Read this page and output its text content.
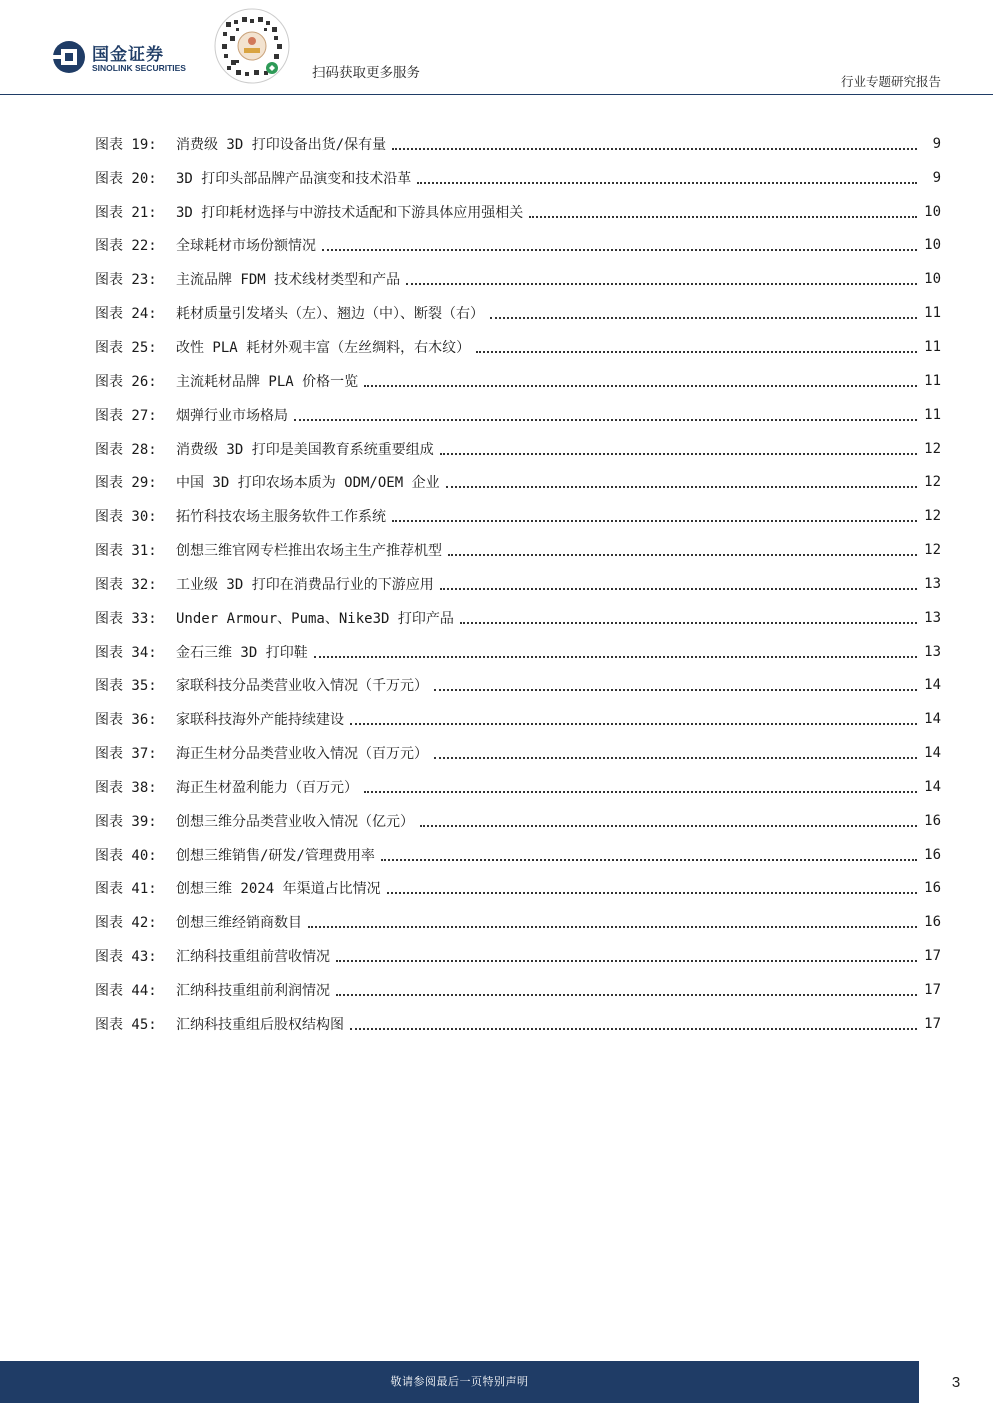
国金证券
SINOLINK SECURITIES	扫码获取更多服务
行业专题研究报告
图表 19:	消费级 3D 打印设备出货/保有量	9
图表 20:	3D 打印头部品牌产品演变和技术沿革	9
图表 21:	3D 打印耗材选择与中游技术适配和下游具体应用强相关	10
图表 22:	全球耗材市场份额情况	10
图表 23:	主流品牌 FDM 技术线材类型和产品	10
图表 24:	耗材质量引发堵头（左）、翘边（中）、断裂（右）	11
图表 25:	改性 PLA 耗材外观丰富（左丝绸料，右木纹）	11
图表 26:	主流耗材品牌 PLA 价格一览	11
图表 27:	烟弹行业市场格局	11
图表 28:	消费级 3D 打印是美国教育系统重要组成	12
图表 29:	中国 3D 打印农场本质为 ODM/OEM 企业	12
图表 30:	拓竹科技农场主服务软件工作系统	12
图表 31:	创想三维官网专栏推出农场主生产推荐机型	12
图表 32:	工业级 3D 打印在消费品行业的下游应用	13
图表 33:	Under Armour、Puma、Nike3D 打印产品	13
图表 34:	金石三维 3D 打印鞋	13
图表 35:	家联科技分品类营业收入情况（千万元）	14
图表 36:	家联科技海外产能持续建设	14
图表 37:	海正生材分品类营业收入情况（百万元）	14
图表 38:	海正生材盈利能力（百万元）	14
图表 39:	创想三维分品类营业收入情况（亿元）	16
图表 40:	创想三维销售/研发/管理费用率	16
图表 41:	创想三维 2024 年渠道占比情况	16
图表 42:	创想三维经销商数目	16
图表 43:	汇纳科技重组前营收情况	17
图表 44:	汇纳科技重组前利润情况	17
图表 45:	汇纳科技重组后股权结构图	17
敬请参阅最后一页特别声明	3
